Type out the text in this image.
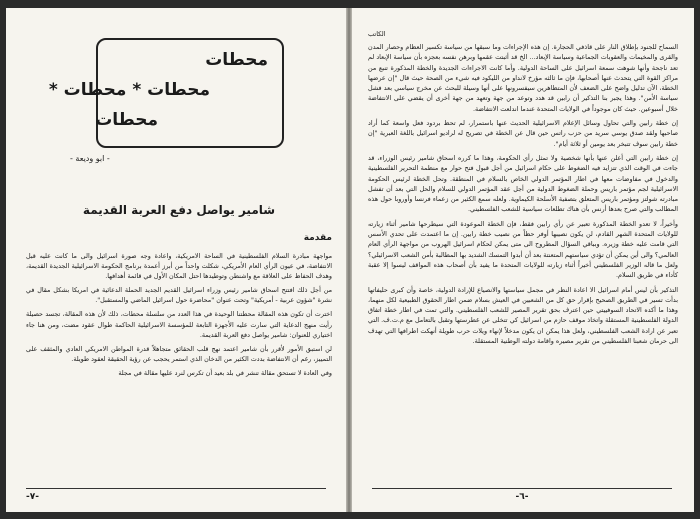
محطات
محطات * محطات *
محطات
- ابو وديعة -
شامير يواصل دفع العربة القديمة
مقدمة

مواجهة مبادرة السلام الفلسطينية في الساحة الامريكية، واعادة وجه صورة اسرائيل والى ما كانت عليه قبل الانتفاضة، في عيون الرأي العام الأمريكي، شكلت واحداً من أبرز أعمدة برنامج الحكومة الاسرائيلية الجديدة القديمة، وهدف الحفاظ على العلاقة مع واشنطن وتوطيدها احتل المكان الأول في قائمة أهدافها.

من أجل ذلك افتتح اسحاق شامير رئيس وزراء اسرائيل القديم الجديد الحملة الدعائية في امريكا بشكل مقال في نشرة "شؤون عربية - أمريكية" وتحت عنوان "محاضرة حول اسرائيل الماضي والمستقبل".

اخترت أن تكون هذه المقالة محطتنا الوحيدة في هذا العدد من سلسلة محطات، ذلك لأن هذه المقالة، تجسد حصيلة رأيت منهج الدعاية التي سارت عليه الأجهزة التابعة للمؤسسة الاسرائيلية الحاكمة طوال عقود مضت، ومن هنا جاء اختياري للعنوان: شامير يواصل دفع العربة القديمة.

لن استبق الأمور لأقرر بأن شامير اعتمد نهج قلب الحقائق متجاهلاً قدرة المواطن الامريكي العادي والمثقف على التمييز، رغم أن الانتفاضة بددت الكثير من الدخان الذي استمر يحجب عن رؤية الحقيقة لعقود طويلة.

وفي العادة لا تستحق مقالة تنشر في بلد بعيد أن تكرس لنرد عليها مقالة في مجلة

-٧-
الكاتب

السماح للجنود بإطلاق النار على قاذفي الحجارة. إن هذه الإجراءات وما سبقها من سياسة تكسير العظام وحصار المدن والقرى والمخيمات والعقوبات الجماعية وسياسة الإبعاد... الخ قد أثبتت عقمها وبرهن نفسه بعجزه بأن سياسة الإبعاد لم تعد ناجحة وأنها شوهت سمعة اسرائيل على الساحة الدولية. وأما كانت الاجراءات الجديدة والخطة المذكورة تنبع من مراكز القوة التي يتحدث عنها أصحابها، فإن ما ثالثه مؤرخ لانداو من الليكود فيه شيء من الصحة حيث قال "إن عرضها الخطة، الآن تدليل واضح على الضعف لأن المتظاهرين سيفسرونها على أنها وسيلة للبحث عن مخرج سياسي بعد فشل سياسة الأمن". وهذا يجبر بنا التذكير أن رابين قد هدد وتوعد من جهة وتعهد من جهة أخرى أن يقضي على الانتفاضة خلال أسبوعين. حيث كان موجوداً في الولايات المتحدة عندما اندلعت الانتفاضة.

إن خطة رابين والتي تحاول وسائل الإعلام الاسرائيلية الحديث عنها باستمرار، لم تحظ بردود فعل واسعة كما أراد صاحبها ولقد صدق يوسي سريد من حزب راتس حين قال عن الخطة في تصريح له لراديو اسرائيل باللغة العبرية "إن خطة رابين سوف تتبخر بعد يومين أو ثلاثة أيام".

إن خطة رابين التي أعلن عنها بأنها شخصية ولا تمثل رأي الحكومة، وهذا ما كرره اسحاق شامير رئيس الوزراء، قد جاءت في الوقت الذي تتزايد فيه الضغوط على حكام اسرائيل من أجل قبول فتح حوار مع منظمة التحرير الفلسطينية والدخول في مفاوضات معها في اطار المؤتمر الدولي الخاص بالسلام في المنطقة. وتحل الخطة لرئيس الحكومة الاسرائيلية لجم مؤتمر باريس وحملة الضغوط الدولية من أجل عقد المؤتمر الدولي للسلام والحل التي بعد أن تفشل مبادرته شولتز ومؤتمر باريس المتعلق بتصفية الأسلحة الكيماوية. ولعله سمع الكثير من زعماء فرنسا وأوروبا حول هذه المطالب والتي صرح بعدها أرنس بأن هناك تطلعات سياسية للشعب الفلسطيني.

وأخيراً، لا تعدو الخطة المذكورة تعبير عن رأي رابين فقط، فإن الخطة الموعودة التي سيطرحها شامير أثناء زيارته للولايات المتحدة الشهر القادم، لن يكون نصيبها أوفر حظاً من نصيب خطة رابين. إن ما اعتمدت على تحدي الأسس التي قامت عليه خطة وزيره. وبباقي السؤال المطروح الى متى يمكن لحكام اسرائيل الهروب من مواجهة الرأي العام العالمي؟ والى أين يمكن أن تؤدي سياستهم المتعنتة بعد أن أبدوا التمسك الشديد بها المطالبة بأمن الشعب الاسرائيلي؟ ولعل ما قاله الوزير الفلسطيني أخيراً أثناء زيارته للولايات المتحدة ما يفيد بأن أصحاب هذه المواقف ليسوا إلا عقبة كأداء في طريق السلام.

التذكير بأن ليس أمام اسرائيل الا اعادة النظر في مجمل سياستها والانصياع للإرادة الدولية، خاصة وأن كبرى حليفاتها بدأت تسير في الطريق الصحيح بإقرار حق كل من الشعبين في العيش بسلام ضمن اطار الحقوق الطبيعية لكل منهما، وهذا ما أكده الاتحاد السوفييتي حين اعترف بحق تقرير المصير للشعب الفلسطيني. والتي تمت في اطار خطة اتفاق الدولة الفلسطينية المستقلة واتخاذ موقف حازم من اسرائيل كي تتخلى عن غطرستها وتقبل بالتعامل مع م.ت.ف. التي تعبر عن ارادة الشعب الفلسطيني، ولعل هذا يمكن ان يكون مدخلاً لإنهاء ويلات حرب طويلة أنهكت اطرافها التي تهدف الى حرمان شعبنا الفلسطيني من تقرير مصيره واقامة دولته الوطنية المستقلة.

-٦-
